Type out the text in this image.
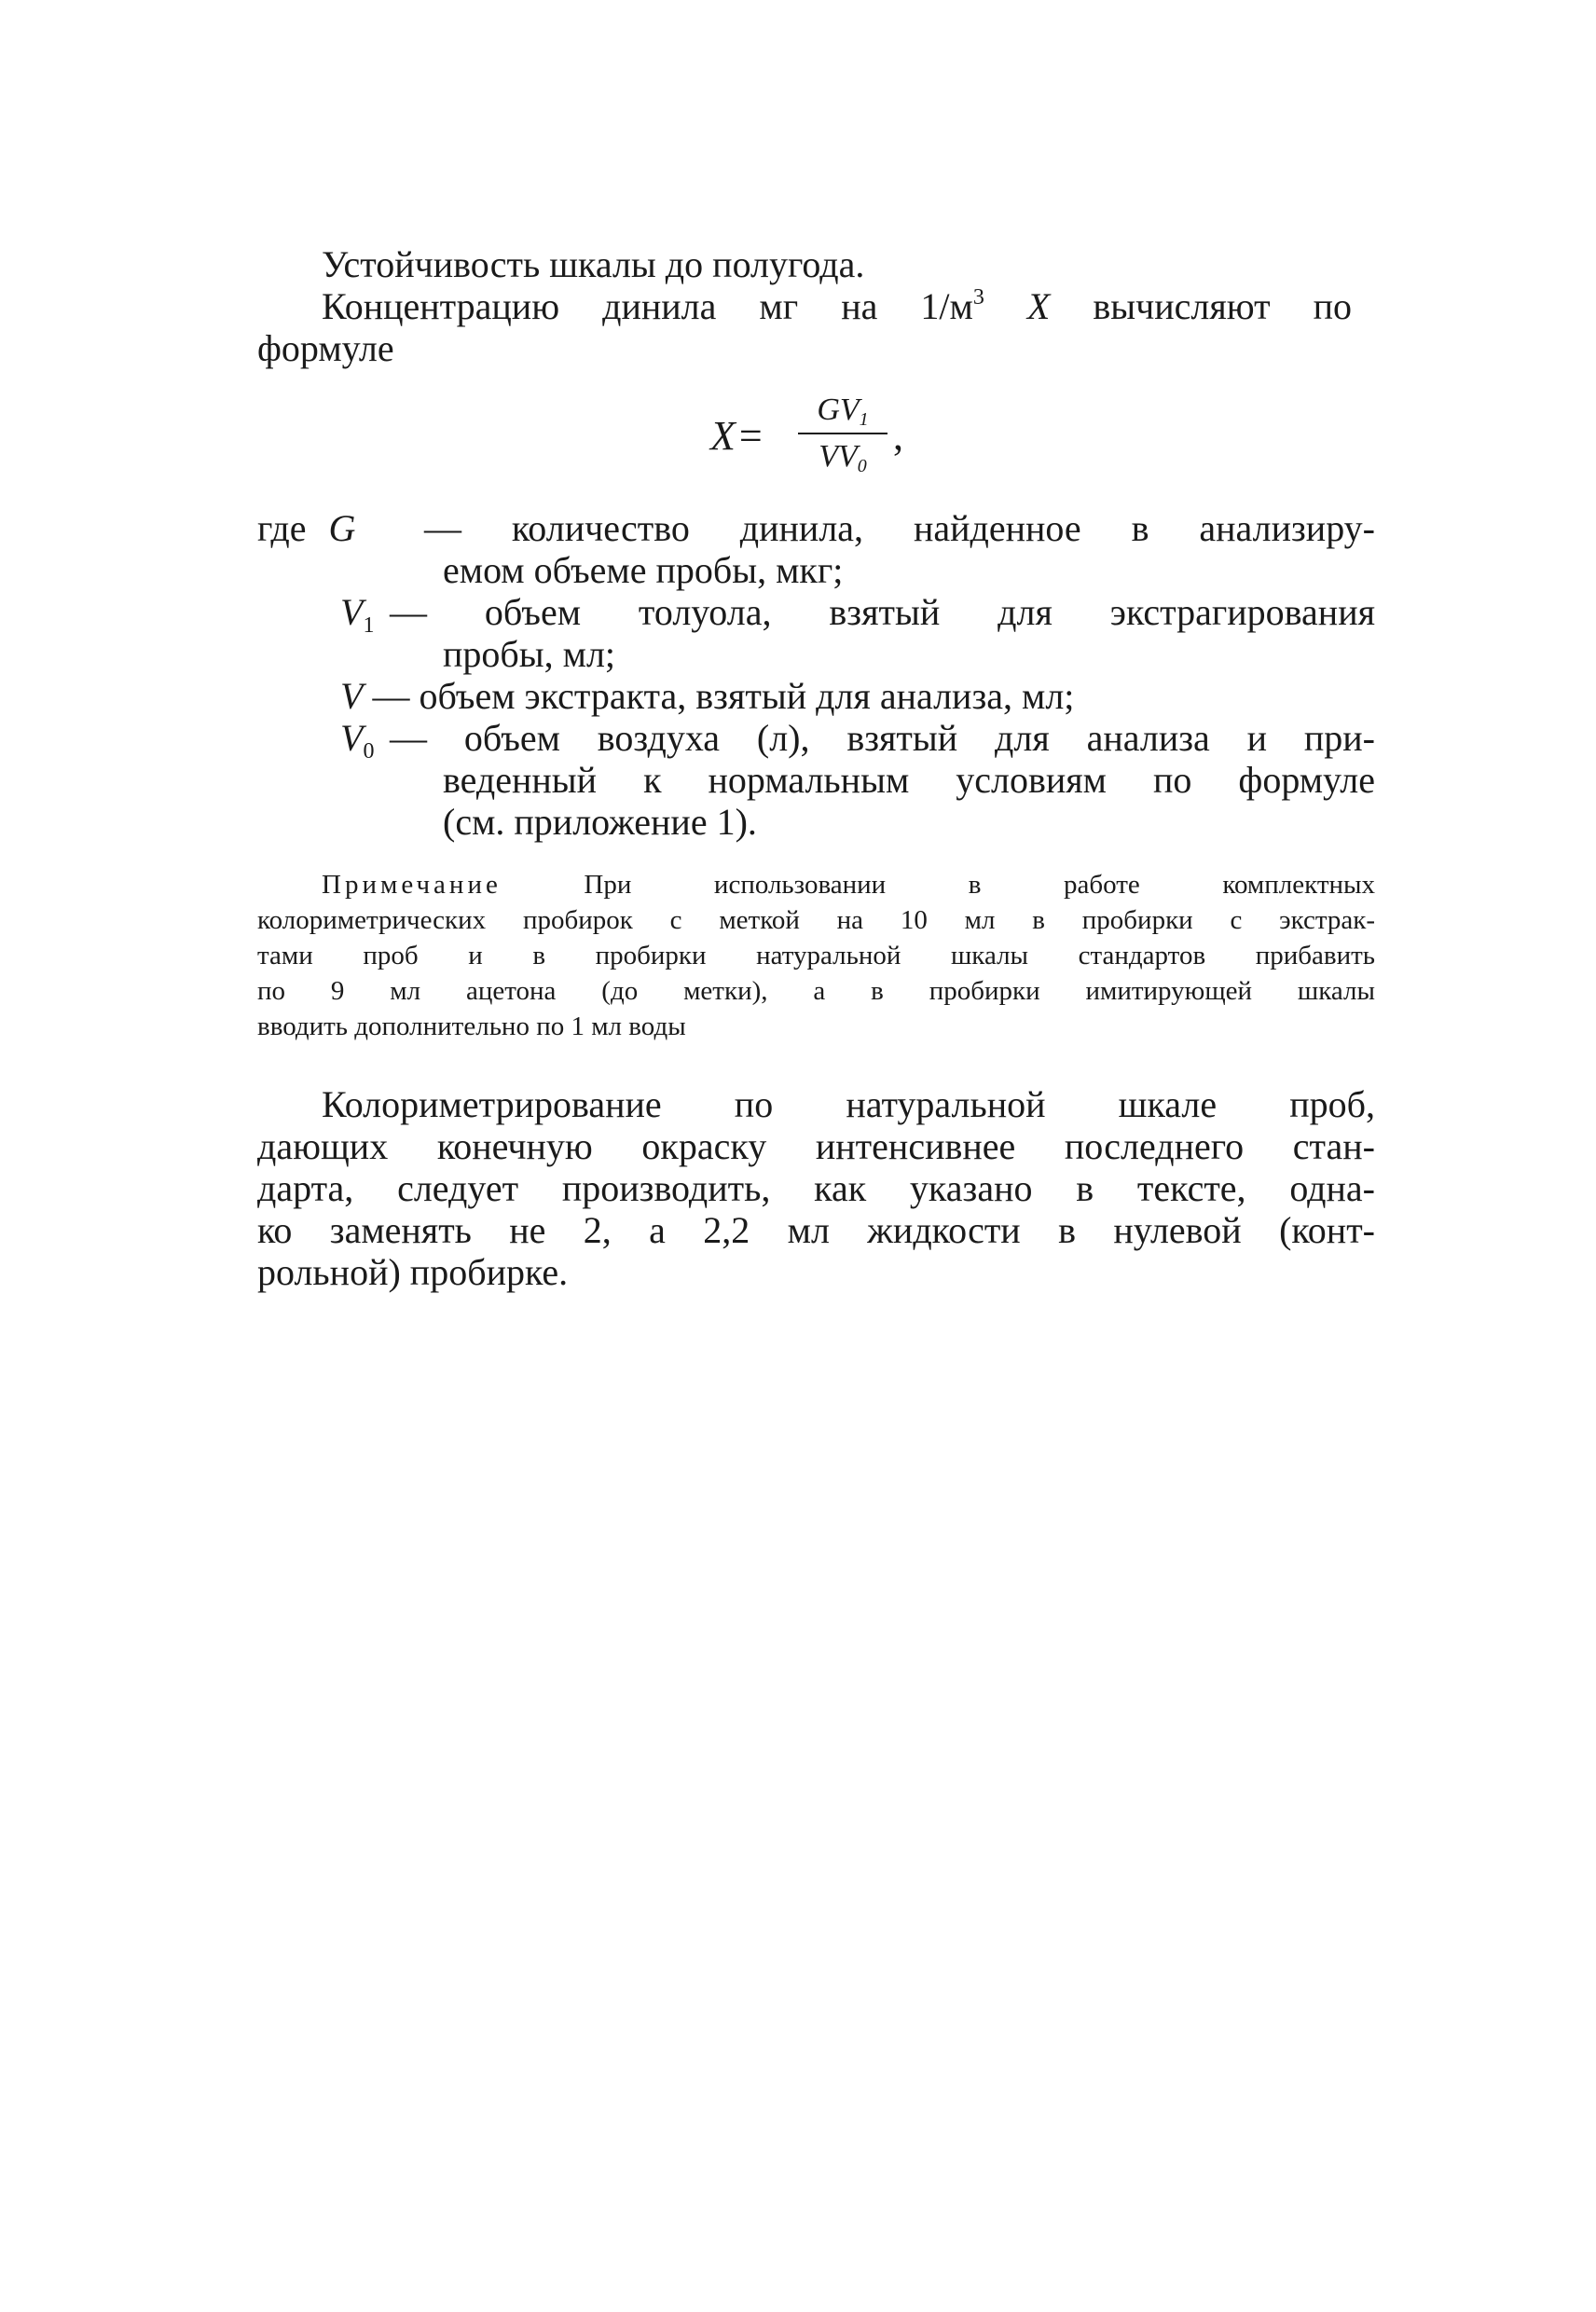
Устойчивость шкалы до полугода.
Концентрацию динила мг на $1/м^3$ X вычисляют по
формуле
X=
$GV_1$
$VV_0$
,
где G — количество динила, найденное в анализиру-
емом объеме пробы, мкг;
$V_1$ — объем толуола, взятый для экстрагирования
пробы, мл;
V — объем экстракта, взятый для анализа, мл;
$V_0$ — объем воздуха (л), взятый для анализа и при-
веденный к нормальным условиям по формуле
(см. приложение 1).
Примечание	При использовании в работе комплектных
колориметрических пробирок с меткой на 10 мл в пробирки с экстрак-
тами проб и в пробирки натуральной шкалы стандартов прибавить
по 9 мл ацетона (до метки), а в пробирки имитирующей шкалы
вводить дополнительно по 1 мл воды
Колориметрирование по натуральной шкале проб,
дающих конечную окраску интенсивнее последнего стан-
дарта, следует производить, как указано в тексте, одна-
ко заменять не 2, а 2,2 мл жидкости в нулевой (конт-
рольной) пробирке.
